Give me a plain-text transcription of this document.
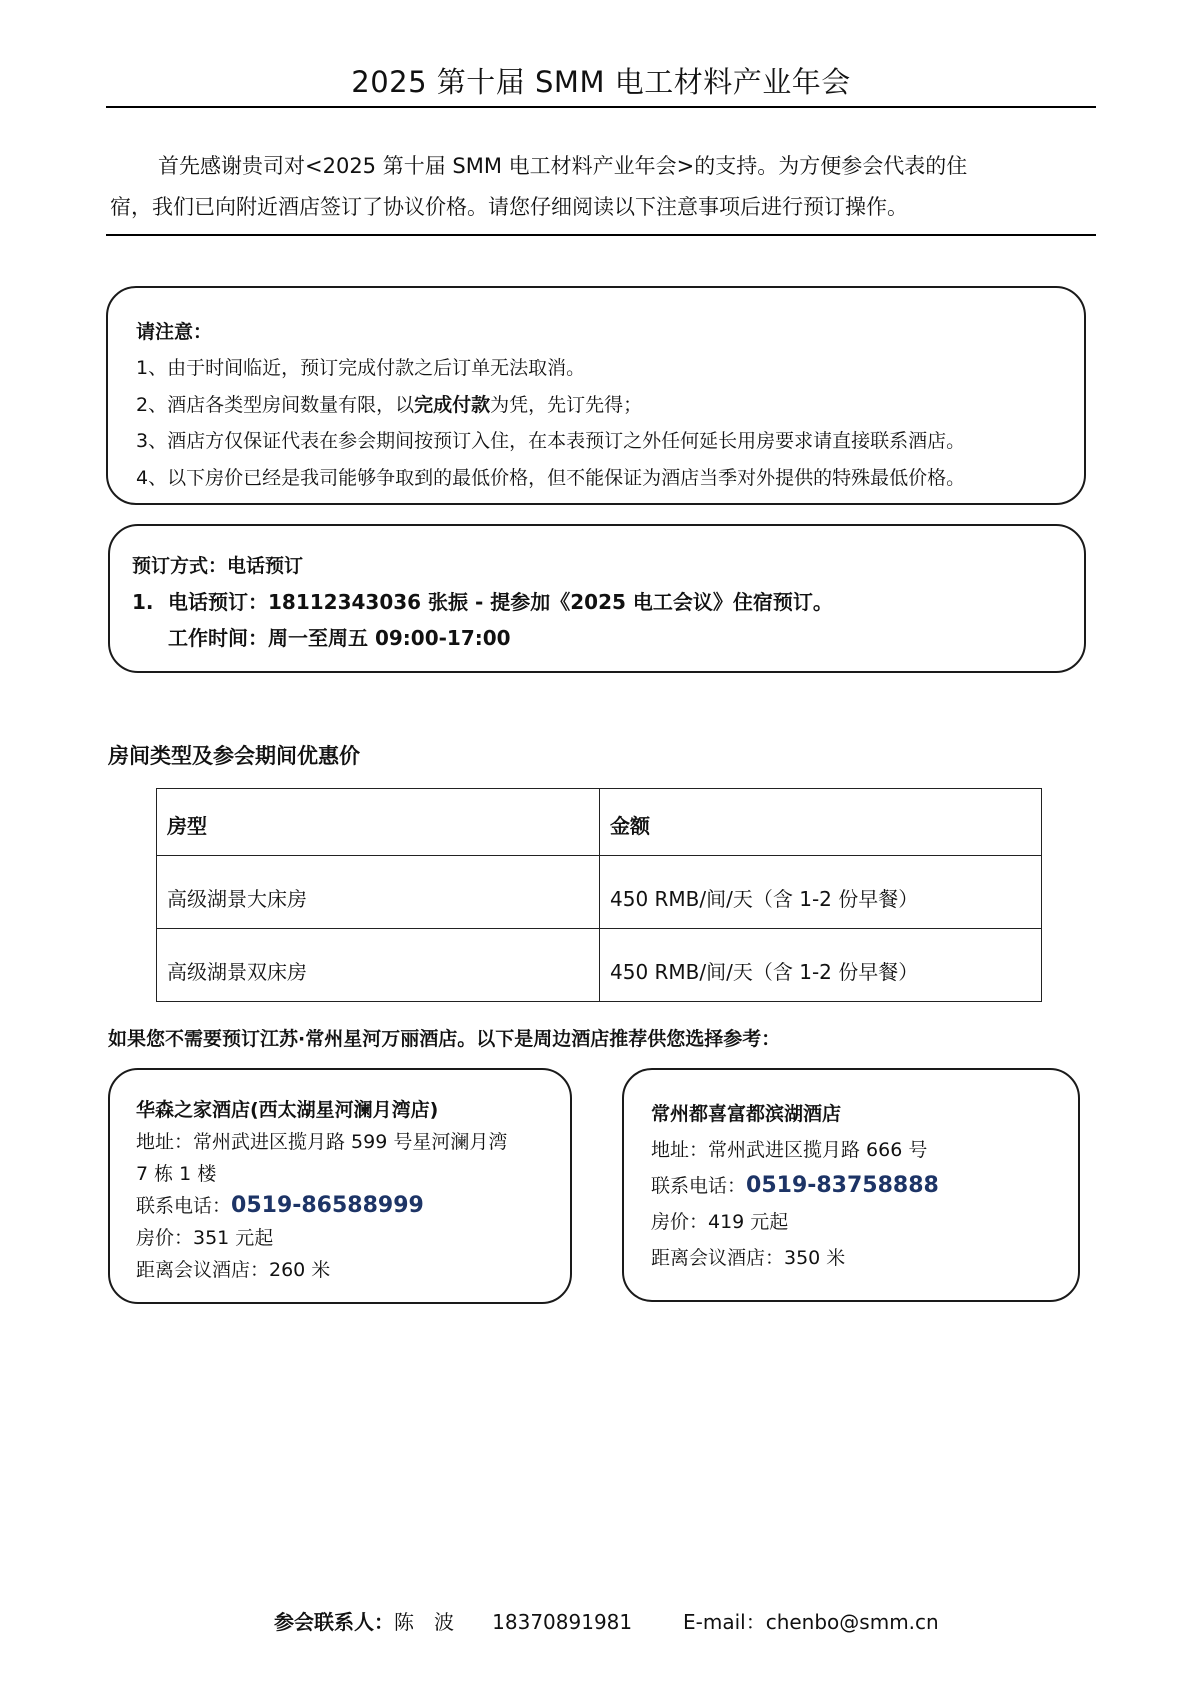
2025 第十届 SMM 电工材料产业年会
首先感谢贵司对<2025 第十届 SMM 电工材料产业年会>的支持。为方便参会代表的住
宿，我们已向附近酒店签订了协议价格。请您仔细阅读以下注意事项后进行预订操作。

请注意：

1、由于时间临近，预订完成付款之后订单无法取消。

2、酒店各类型房间数量有限，以完成付款为凭，先订先得；

3、酒店方仅保证代表在参会期间按预订入住，在本表预订之外任何延长用房要求请直接联系酒店。

4、以下房价已经是我司能够争取到的最低价格，但不能保证为酒店当季对外提供的特殊最低价格。

预订方式：电话预订

1. 电话预订：18112343036 张振 - 提参加《2025 电工会议》住宿预订。

工作时间：周一至周五 09:00-17:00

房间类型及参会期间优惠价
房型	金额
高级湖景大床房	450 RMB/间/天（含 1-2 份早餐）
高级湖景双床房	450 RMB/间/天（含 1-2 份早餐）
如果您不需要预订江苏·常州星河万丽酒店。以下是周边酒店推荐供您选择参考：
华森之家酒店(西太湖星河澜月湾店)
地址：常州武进区揽月路 599 号星河澜月湾
7 栋 1 楼
联系电话：0519-86588999
房价：351 元起
距离会议酒店：260 米
常州都喜富都滨湖酒店
地址：常州武进区揽月路 666 号
联系电话：0519-83758888
房价：419 元起
距离会议酒店：350 米
参会联系人：陈　波 18370891981	E-mail：chenbo@smm.cn
